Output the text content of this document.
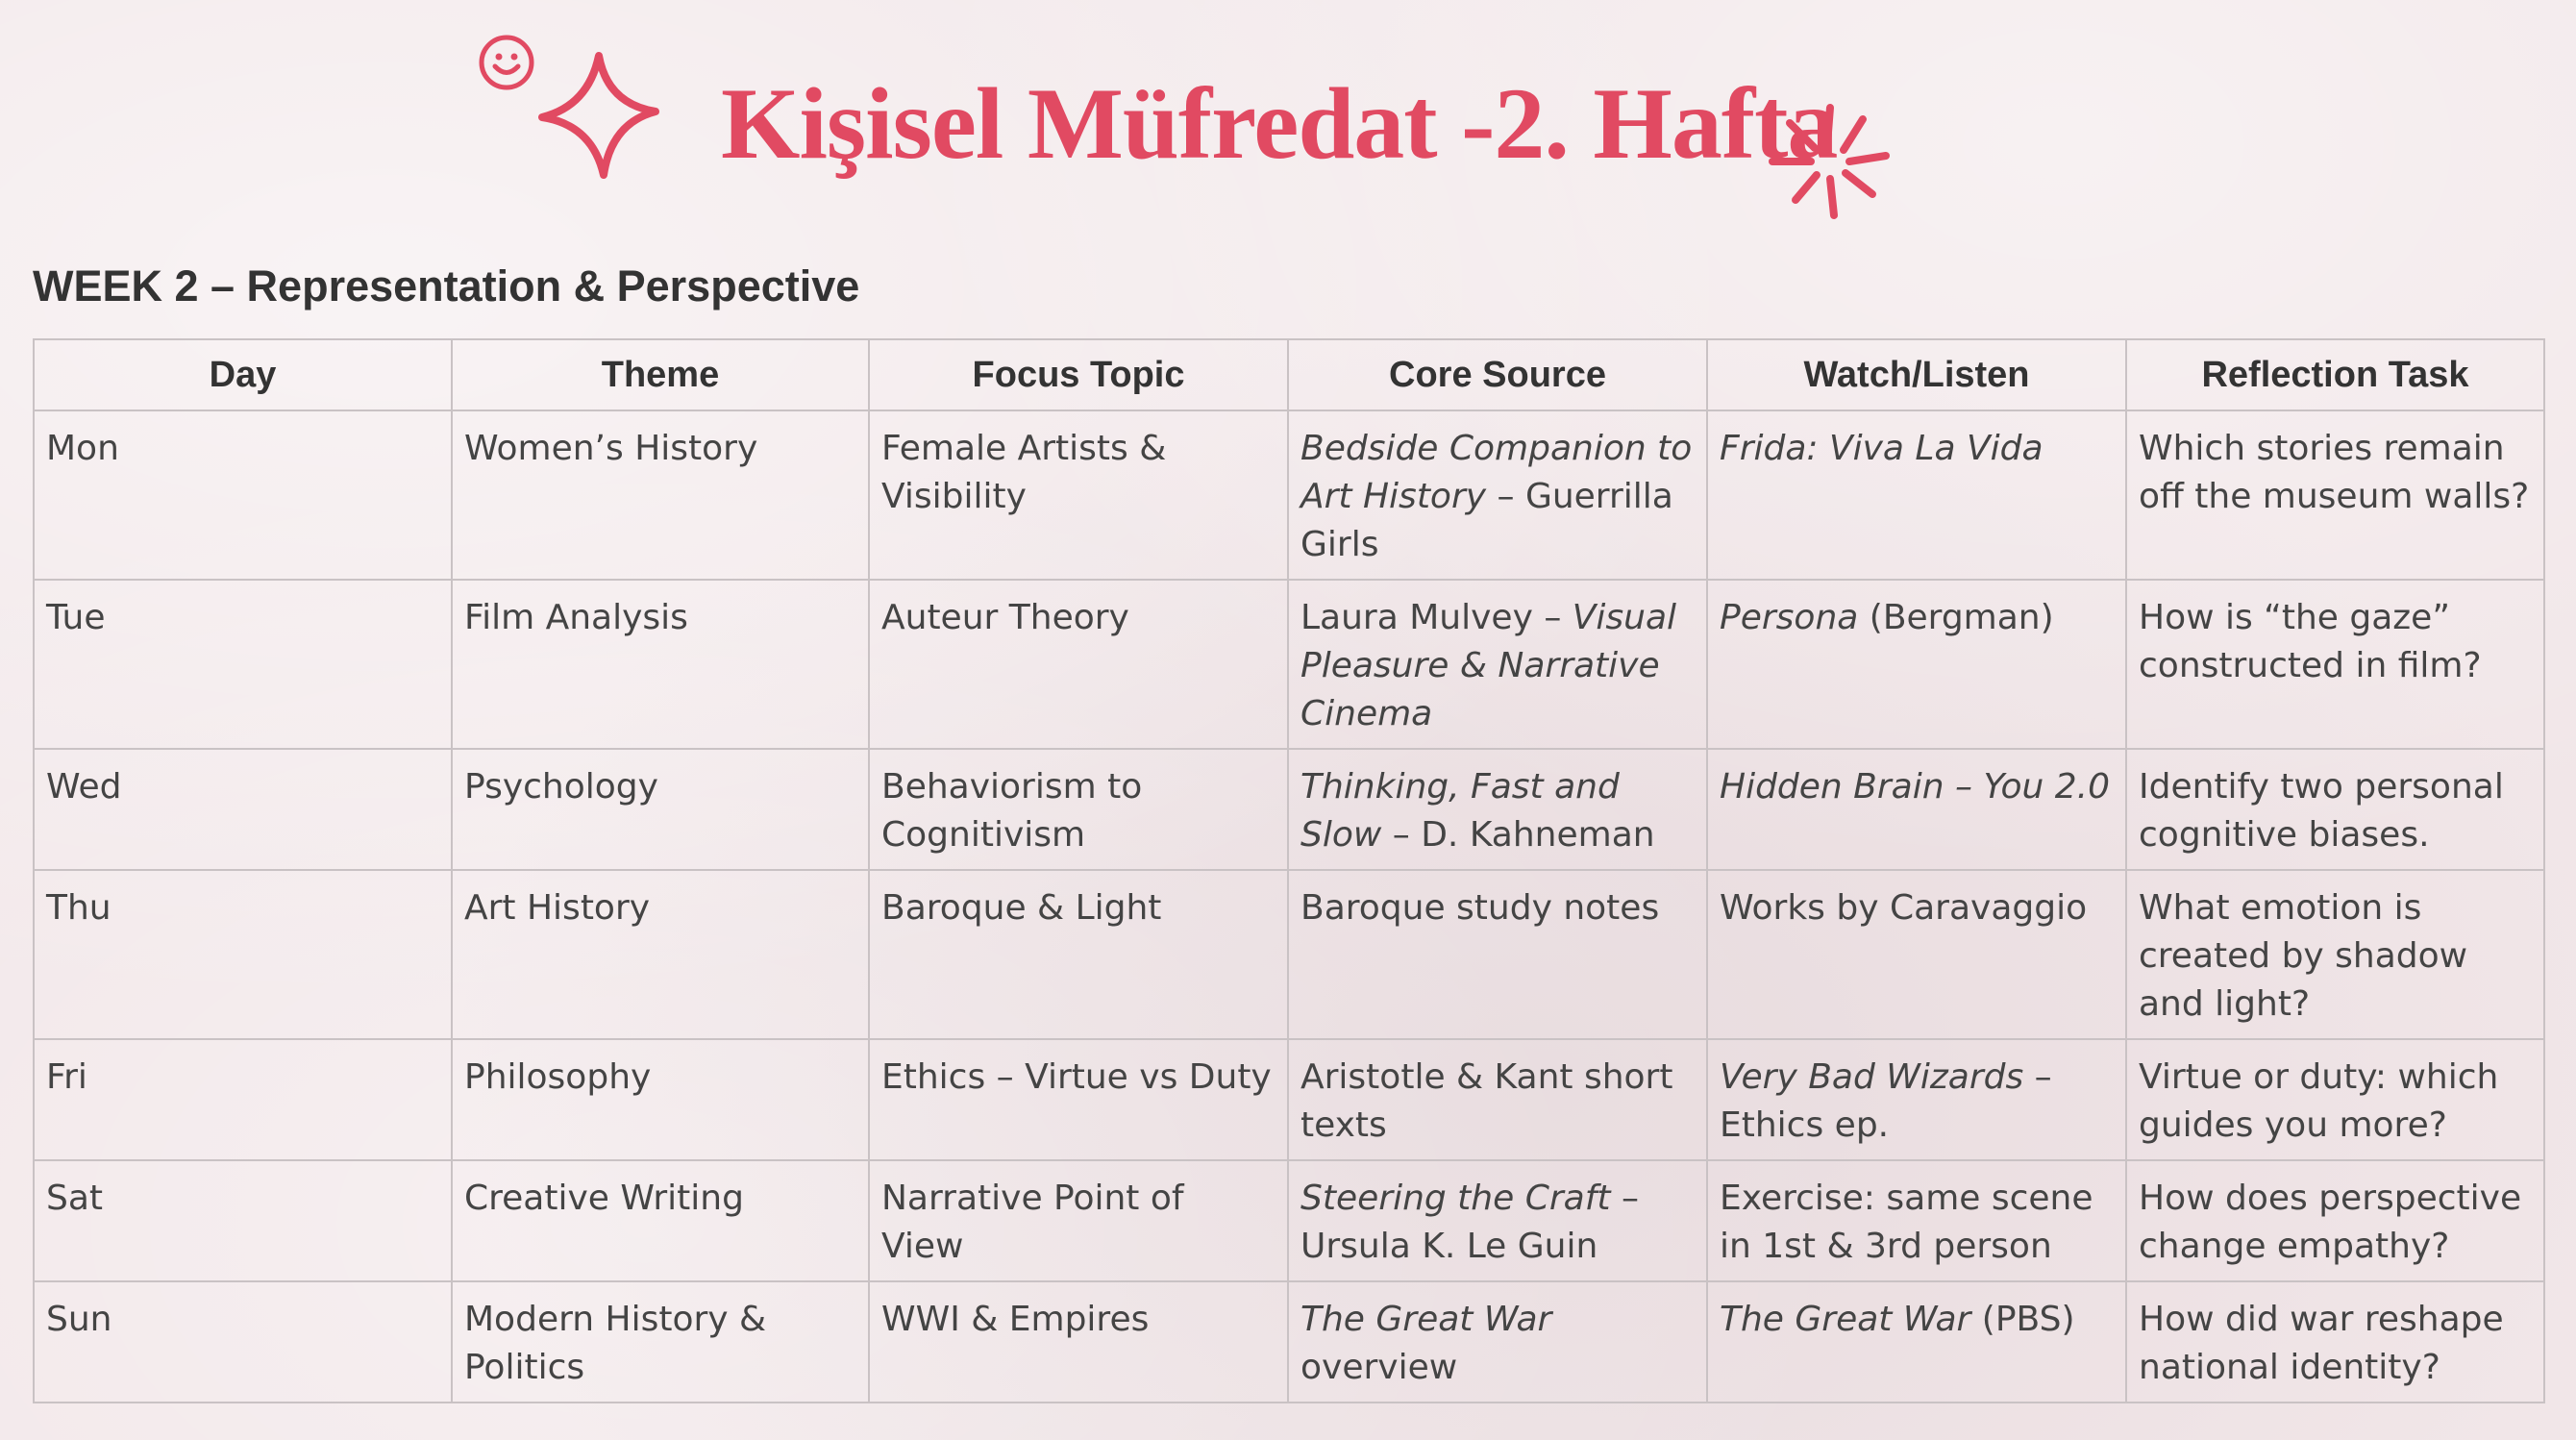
Kişisel Müfredat -2. Hafta
WEEK 2 – Representation & Perspective
Day	Theme	Focus Topic	Core Source	Watch/Listen	Reflection Task
Mon	Women’s History	Female Artists & Visibility	Bedside Companion to Art History – Guerrilla Girls	Frida: Viva La Vida	Which stories remain off the museum walls?
Tue	Film Analysis	Auteur Theory	Laura Mulvey – Visual Pleasure & Narrative Cinema	Persona (Bergman)	How is “the gaze” constructed in film?
Wed	Psychology	Behaviorism to Cognitivism	Thinking, Fast and Slow – D. Kahneman	Hidden Brain – You 2.0	Identify two personal cognitive biases.
Thu	Art History	Baroque & Light	Baroque study notes	Works by Caravaggio	What emotion is created by shadow and light?
Fri	Philosophy	Ethics – Virtue vs Duty	Aristotle & Kant short texts	Very Bad Wizards – Ethics ep.	Virtue or duty: which guides you more?
Sat	Creative Writing	Narrative Point of View	Steering the Craft – Ursula K. Le Guin	Exercise: same scene in 1st & 3rd person	How does perspective change empathy?
Sun	Modern History & Politics	WWI & Empires	The Great War overview	The Great War (PBS)	How did war reshape national identity?
